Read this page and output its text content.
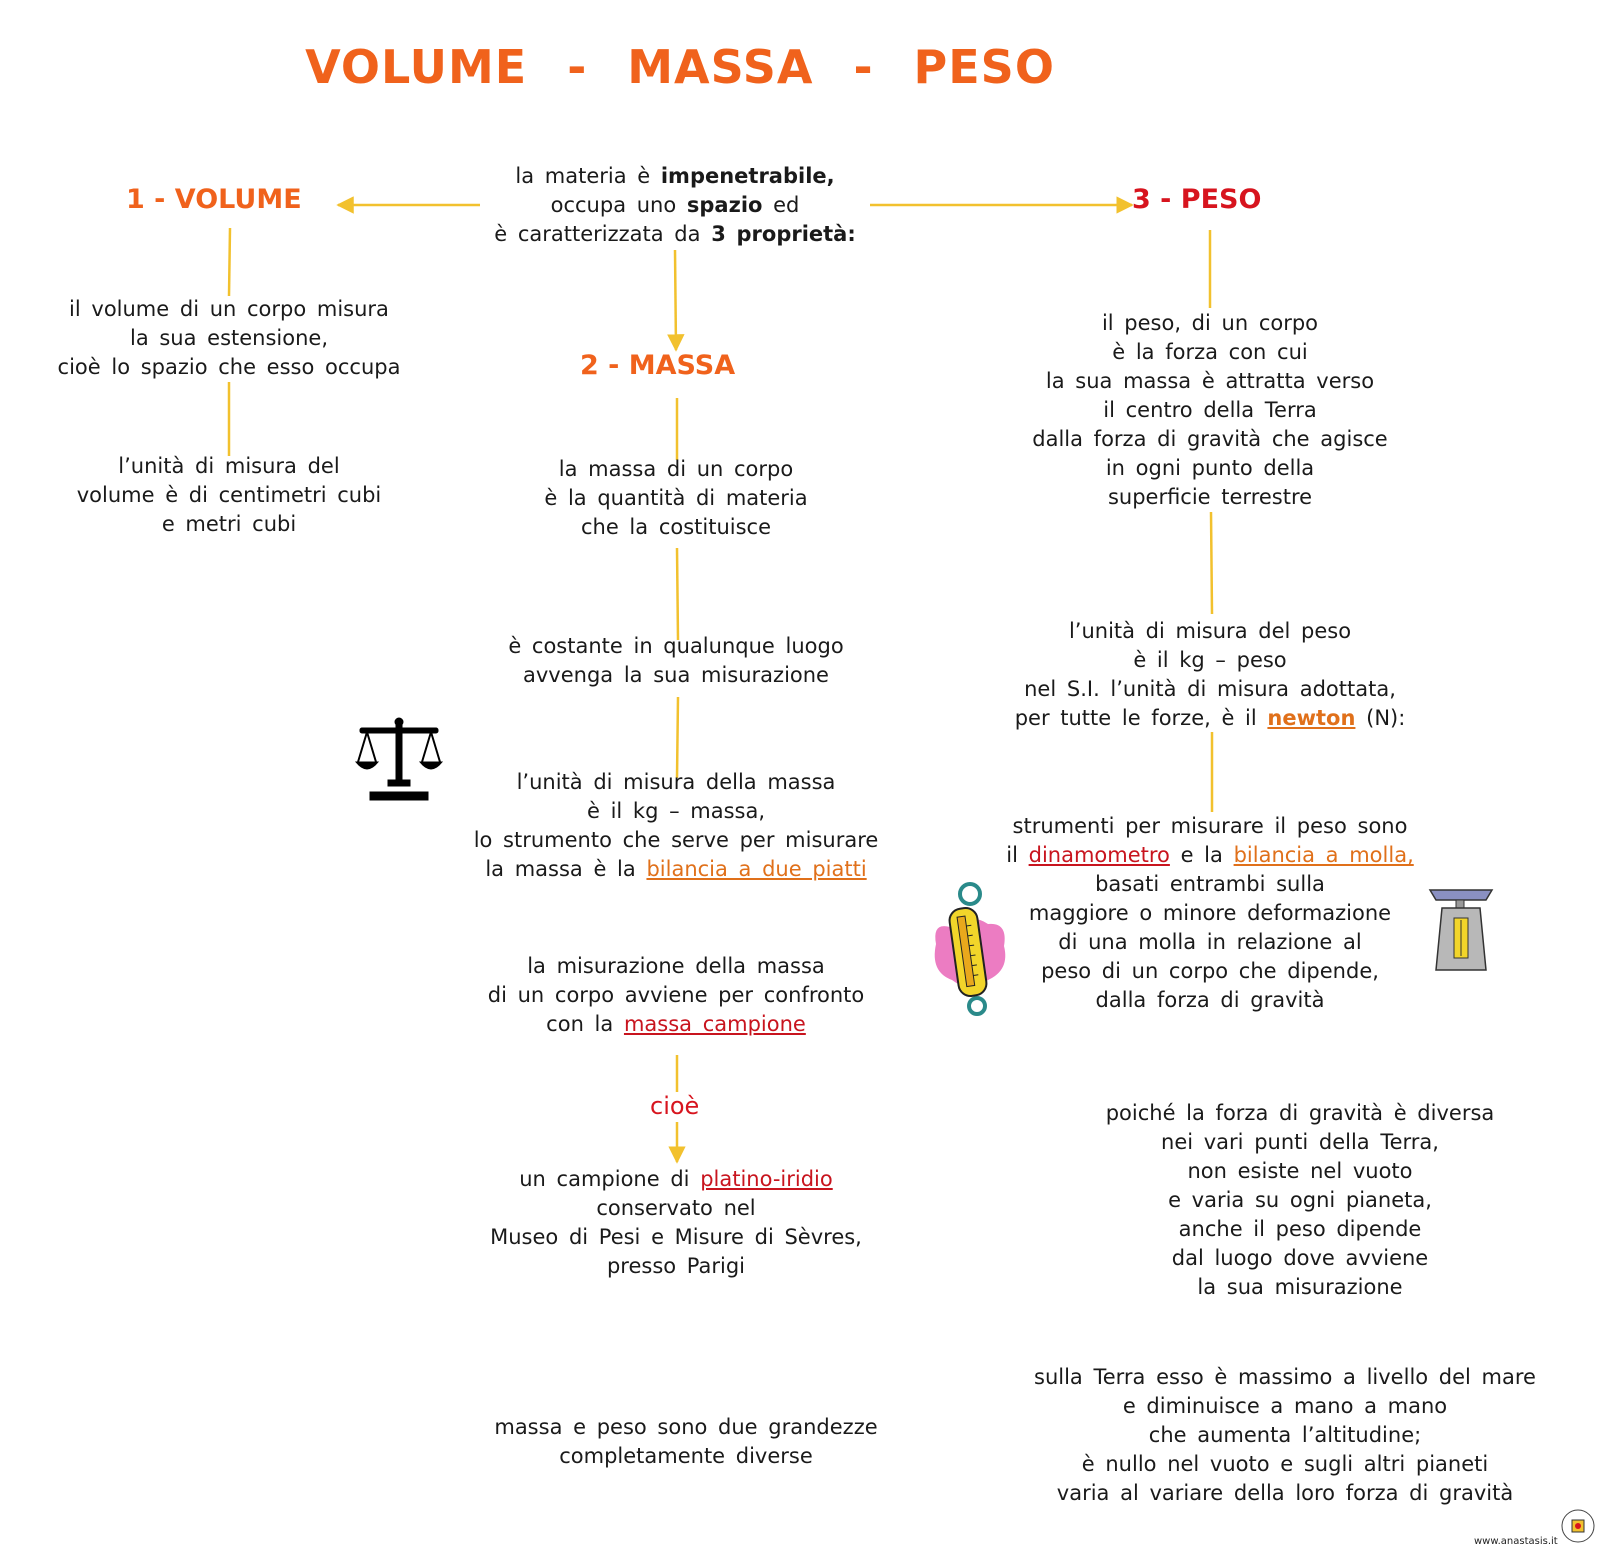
VOLUME - MASSA - PESO
1 - VOLUME
2 - MASSA
3 - PESO
la materia è impenetrabile,
occupa uno spazio ed
è caratterizzata da 3 proprietà:
il volume di un corpo misura
la sua estensione,
cioè lo spazio che esso occupa
l’unità di misura del
volume è di centimetri cubi
e metri cubi
la massa di un corpo
è la quantità di materia
che la costituisce
è costante in qualunque luogo
avvenga la sua misurazione
l’unità di misura della massa
è il kg – massa,
lo strumento che serve per misurare
la massa è la bilancia a due piatti
la misurazione della massa
di un corpo avviene per confronto
con la massa campione
cioè
un campione di platino-iridio
conservato nel
Museo di Pesi e Misure di Sèvres,
presso Parigi
massa e peso sono due grandezze
completamente diverse
il peso, di un corpo
è la forza con cui
la sua massa è attratta verso
il centro della Terra
dalla forza di gravità che agisce
in ogni punto della
superficie terrestre
l’unità di misura del peso
è il kg – peso
nel S.I. l’unità di misura adottata,
per tutte le forze, è il newton (N):
strumenti per misurare il peso sono
il dinamometro e la bilancia a molla,
basati entrambi sulla
maggiore o minore deformazione
di una molla in relazione al
peso di un corpo che dipende,
dalla forza di gravità
poiché la forza di gravità è diversa
nei vari punti della Terra,
non esiste nel vuoto
e varia su ogni pianeta,
anche il peso dipende
dal luogo dove avviene
la sua misurazione
sulla Terra esso è massimo a livello del mare
e diminuisce a mano a mano
che aumenta l’altitudine;
è nullo nel vuoto e sugli altri pianeti
varia al variare della loro forza di gravità
www.anastasis.it
